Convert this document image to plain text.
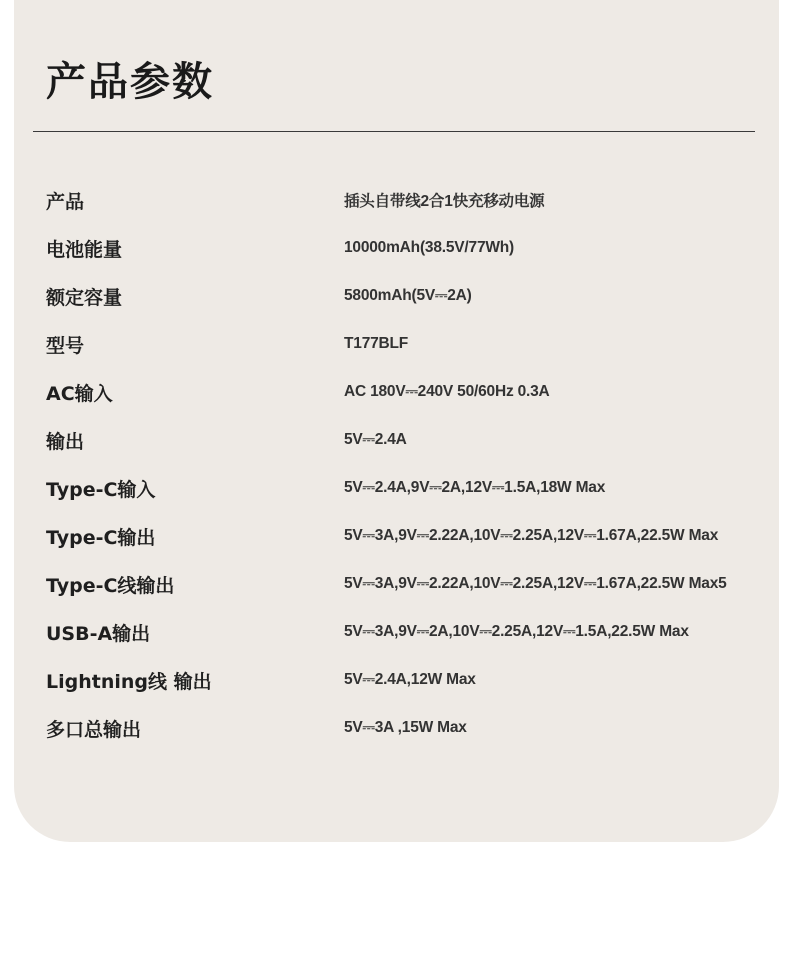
产品参数
产品	插头自带线2合1快充移动电源
电池能量	10000mAh(38.5V/77Wh)
额定容量	5800mAh(5V⎓2A)
型号	T177BLF
AC输入	AC 180V⎓240V 50/60Hz 0.3A
输出	5V⎓2.4A
Type-C输入	5V⎓2.4A,9V⎓2A,12V⎓1.5A,18W Max
Type-C输出	5V⎓3A,9V⎓2.22A,10V⎓2.25A,12V⎓1.67A,22.5W Max
Type-C线输出	5V⎓3A,9V⎓2.22A,10V⎓2.25A,12V⎓1.67A,22.5W Max5
USB-A输出	5V⎓3A,9V⎓2A,10V⎓2.25A,12V⎓1.5A,22.5W Max
Lightning线 输出	5V⎓2.4A,12W Max
多口总输出	5V⎓3A ,15W Max
